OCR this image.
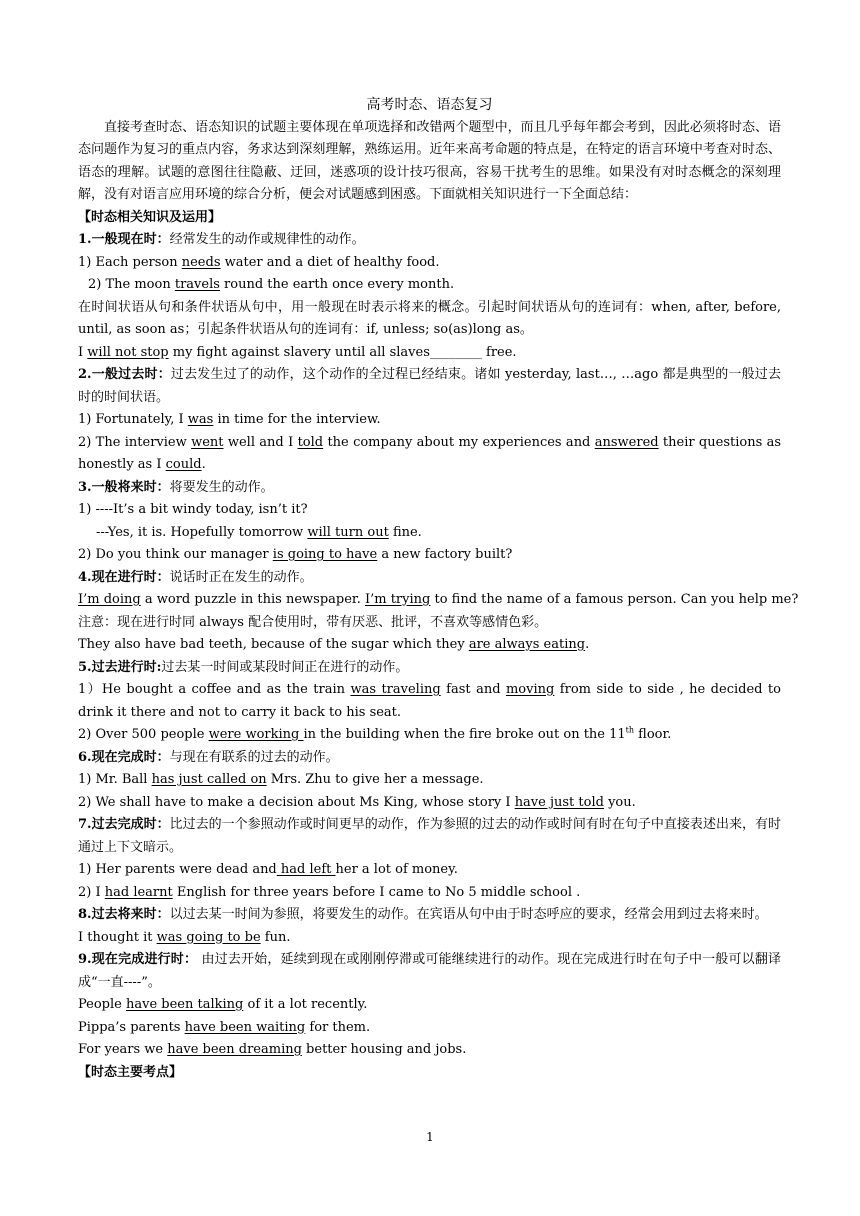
高考时态、语态复习

直接考查时态、语态知识的试题主要体现在单项选择和改错两个题型中，而且几乎每年都会考到，因此必须将时态、语态问题作为复习的重点内容，务求达到深刻理解，熟练运用。近年来高考命题的特点是，在特定的语言环境中考查对时态、语态的理解。试题的意图往往隐蔽、迂回，迷惑项的设计技巧很高，容易干扰考生的思维。如果没有对时态概念的深刻理解，没有对语言应用环境的综合分析，便会对试题感到困惑。下面就相关知识进行一下全面总结：

【时态相关知识及运用】

1.一般现在时：经常发生的动作或规律性的动作。

1) Each person needs water and a diet of healthy food.

2) The moon travels round the earth once every month.

在时间状语从句和条件状语从句中，用一般现在时表示将来的概念。引起时间状语从句的连词有：when, after, before, until, as soon as；引起条件状语从句的连词有：if, unless; so(as)long as。

I will not stop my fight against slavery until all slaves________ free.

2.一般过去时：过去发生过了的动作，这个动作的全过程已经结束。诸如 yesterday, last…, …ago 都是典型的一般过去时的时间状语。

1) Fortunately, I was in time for the interview.

2) The interview went well and I told the company about my experiences and answered their questions as honestly as I could.

3.一般将来时：将要发生的动作。

1) ----It’s a bit windy today, isn’t it?

---Yes, it is. Hopefully tomorrow will turn out fine.

2) Do you think our manager is going to have a new factory built?

4.现在进行时：说话时正在发生的动作。

I’m doing a word puzzle in this newspaper. I’m trying to find the name of a famous person. Can you help me?

注意：现在进行时同 always 配合使用时，带有厌恶、批评，不喜欢等感情色彩。

They also have bad teeth, because of the sugar which they are always eating.

5.过去进行时:过去某一时间或某段时间正在进行的动作。

1）He bought a coffee and as the train was traveling fast and moving from side to side , he decided to drink it there and not to carry it back to his seat.

2) Over 500 people were working in the building when the fire broke out on the 11th floor.

6.现在完成时：与现在有联系的过去的动作。

1) Mr. Ball has just called on Mrs. Zhu to give her a message.

2) We shall have to make a decision about Ms King, whose story I have just told you.

7.过去完成时：比过去的一个参照动作或时间更早的动作，作为参照的过去的动作或时间有时在句子中直接表述出来，有时通过上下文暗示。

1) Her parents were dead and had left her a lot of money.

2) I had learnt English for three years before I came to No 5 middle school .

8.过去将来时：以过去某一时间为参照，将要发生的动作。在宾语从句中由于时态呼应的要求，经常会用到过去将来时。

I thought it was going to be fun.

9.现在完成进行时： 由过去开始，延续到现在或刚刚停滞或可能继续进行的动作。现在完成进行时在句子中一般可以翻译成“一直----”。

People have been talking of it a lot recently.

Pippa’s parents have been waiting for them.

For years we have been dreaming better housing and jobs.

【时态主要考点】

1
